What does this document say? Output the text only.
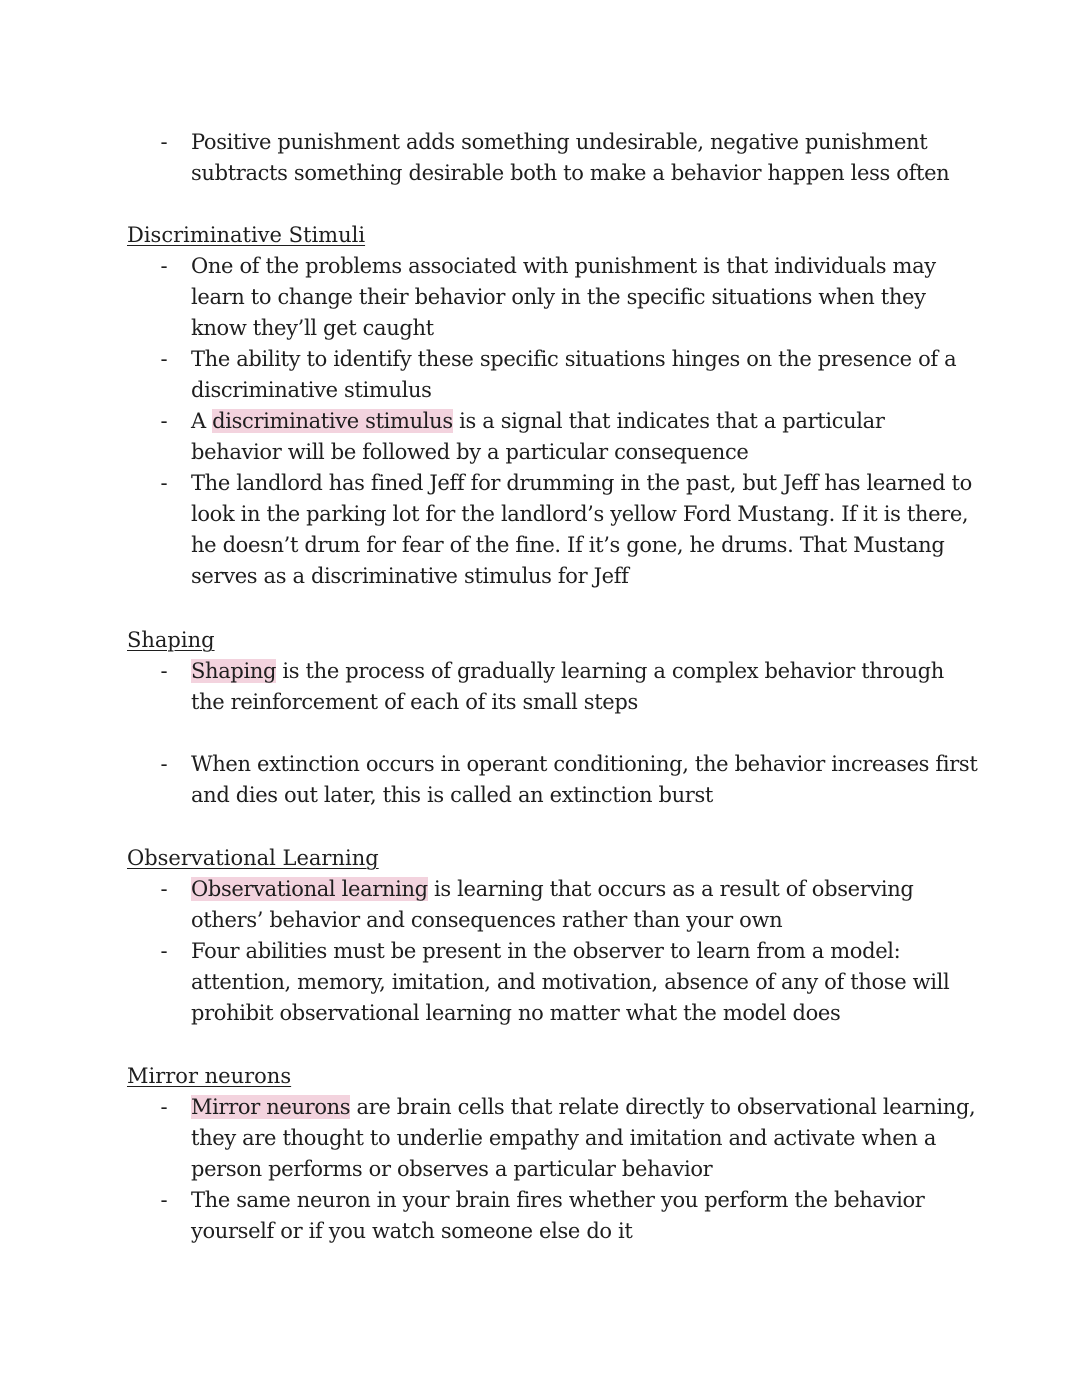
- Positive punishment adds something undesirable, negative punishment subtracts something desirable both to make a behavior happen less often
Discriminative Stimuli
- One of the problems associated with punishment is that individuals may learn to change their behavior only in the specific situations when they know they’ll get caught
- The ability to identify these specific situations hinges on the presence of a discriminative stimulus
- A discriminative stimulus is a signal that indicates that a particular behavior will be followed by a particular consequence
- The landlord has fined Jeff for drumming in the past, but Jeff has learned to look in the parking lot for the landlord’s yellow Ford Mustang. If it is there, he doesn’t drum for fear of the fine. If it’s gone, he drums. That Mustang serves as a discriminative stimulus for Jeff
Shaping
- Shaping is the process of gradually learning a complex behavior through the reinforcement of each of its small steps
- When extinction occurs in operant conditioning, the behavior increases first and dies out later, this is called an extinction burst
Observational Learning
- Observational learning is learning that occurs as a result of observing others’ behavior and consequences rather than your own
- Four abilities must be present in the observer to learn from a model: attention, memory, imitation, and motivation, absence of any of those will prohibit observational learning no matter what the model does
Mirror neurons
- Mirror neurons are brain cells that relate directly to observational learning, they are thought to underlie empathy and imitation and activate when a person performs or observes a particular behavior
- The same neuron in your brain fires whether you perform the behavior yourself or if you watch someone else do it
